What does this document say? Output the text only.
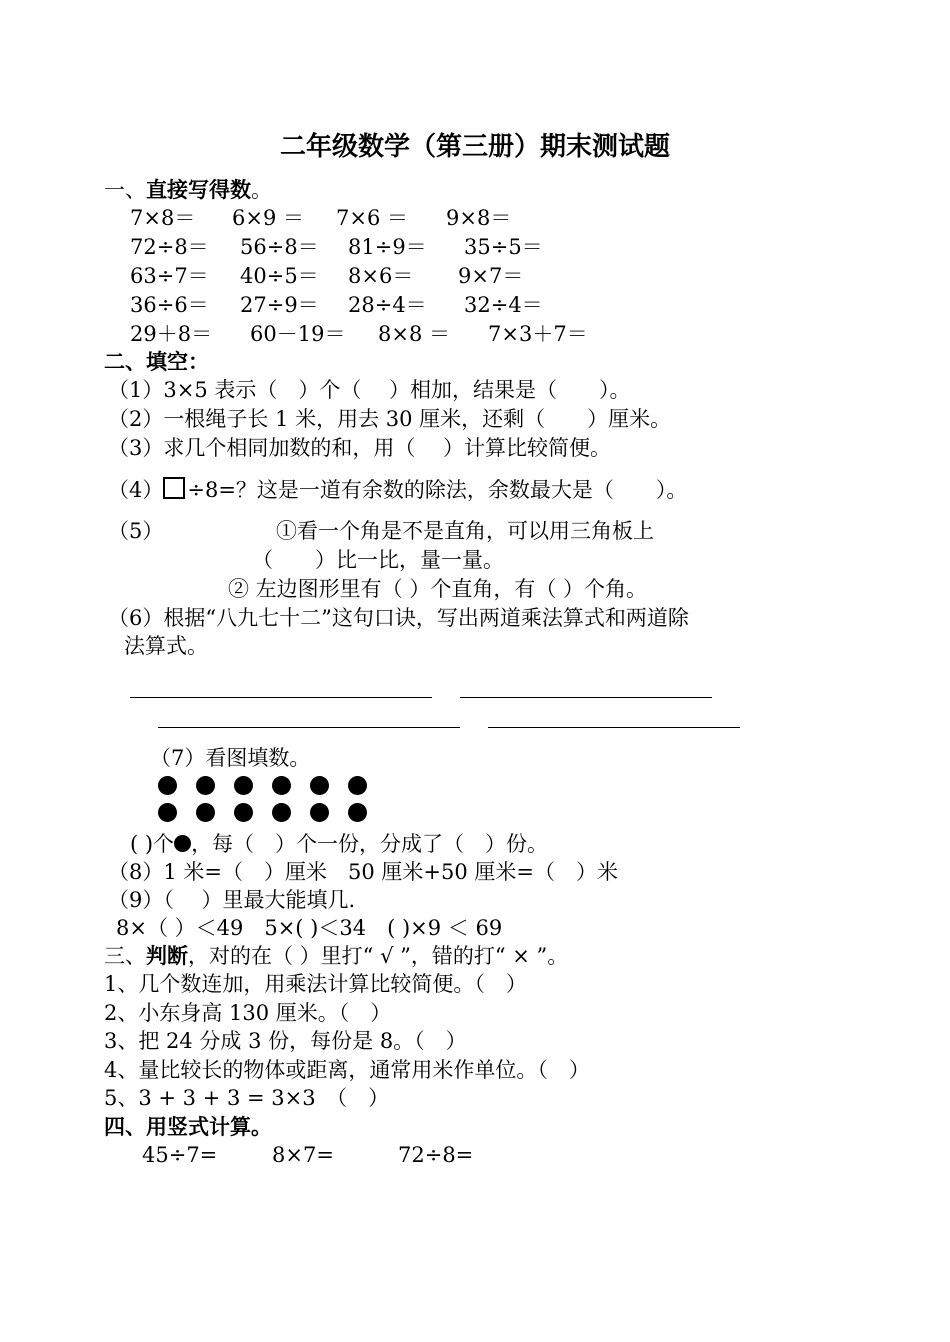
二年级数学（第三册）期末测试题
一、直接写得数。
7×8＝ 6×9 ＝ 7×6 ＝ 9×8＝
72÷8＝ 56÷8＝ 81÷9＝ 35÷5＝
63÷7＝ 40÷5＝ 8×6＝ 9×7＝
36÷6＝ 27÷9＝ 28÷4＝ 32÷4＝
29＋8＝ 60－19＝ 8×8 ＝ 7×3＋7＝
二、填空：
（1）3×5 表示（　）个（　 ）相加，结果是（　　）。
（2）一根绳子长 1 米，用去 30 厘米，还剩（　　）厘米。
（3）求几个相同加数的和，用（　 ）计算比较简便。
（4） ÷8=？这是一道有余数的除法，余数最大是（　　）。
（5）	①看一个角是不是直角，可以用三角板上
（　　）比一比，量一量。
② 左边图形里有（ ）个直角，有（ ）个角。
（6）根据“八九七十二”这句口诀，写出两道乘法算式和两道除
法算式。
（7）看图填数。
( )个 ，每（　）个一份，分成了（　）份。
（8）1 米=（　）厘米　50 厘米+50 厘米=（　）米
（9）（　 ）里最大能填几.
8×（ ）＜49　5×( )＜34　( )×9 ＜ 69
三、判断，对的在（ ）里打“ √ ”，错的打“ × ”。
1、几个数连加，用乘法计算比较简便。（　）
2、小东身高 130 厘米。（　）
3、把 24 分成 3 份，每份是 8。（　）
4、量比较长的物体或距离，通常用米作单位。（　）
5、3 + 3 + 3 = 3×3　（　）
四、用竖式计算。
45÷7=	8×7=	72÷8=
